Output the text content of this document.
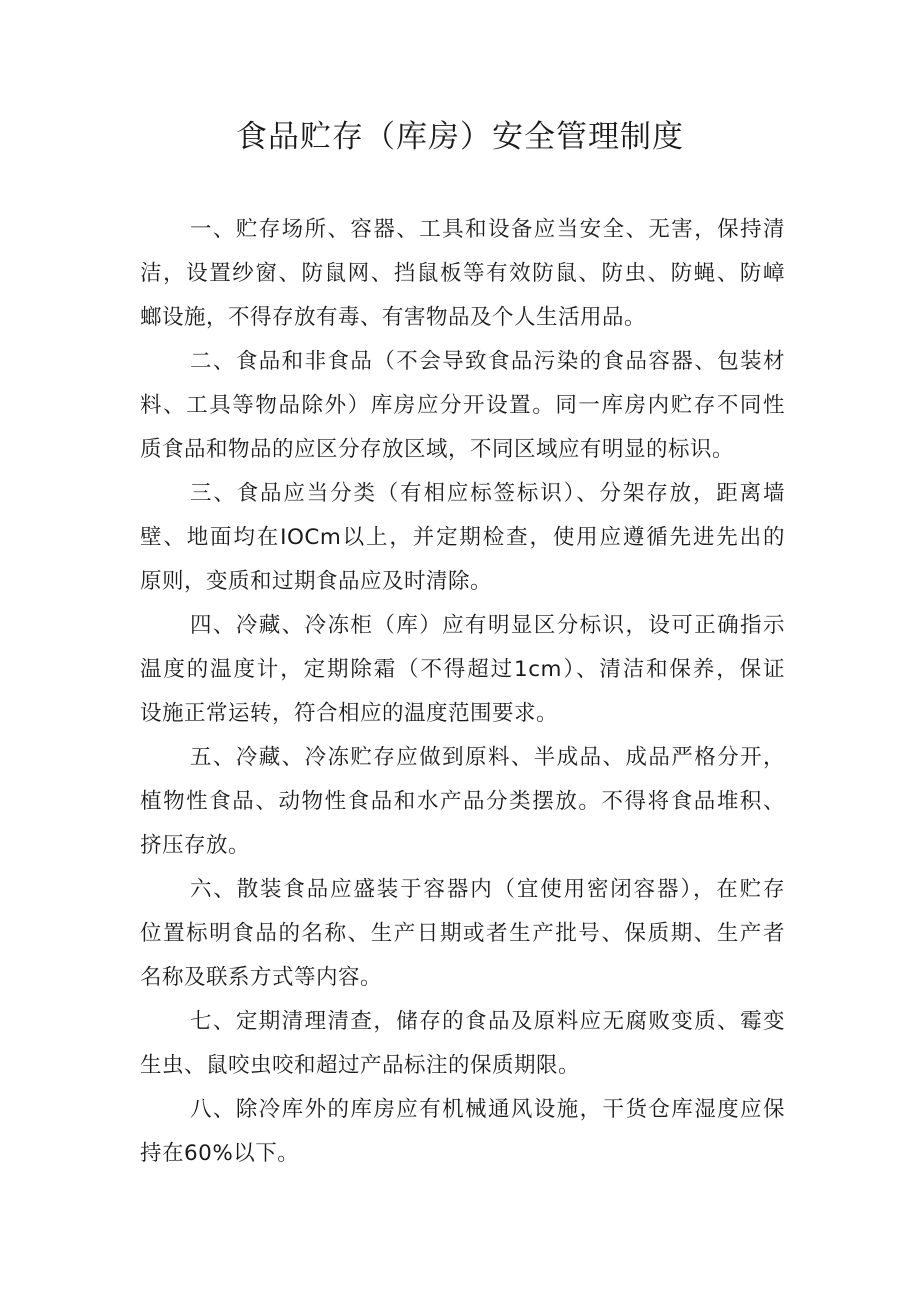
食品贮存（库房）安全管理制度
一、贮存场所、容器、工具和设备应当安全、无害，保持清
洁，设置纱窗、防鼠网、挡鼠板等有效防鼠、防虫、防蝇、防嶂
螂设施，不得存放有毒、有害物品及个人生活用品。
二、食品和非食品（不会导致食品污染的食品容器、包装材
料、工具等物品除外）库房应分开设置。同一库房内贮存不同性
质食品和物品的应区分存放区域，不同区域应有明显的标识。
三、食品应当分类（有相应标签标识）、分架存放，距离墙
壁、地面均在IOCm以上，并定期检查，使用应遵循先进先出的
原则，变质和过期食品应及时清除。
四、冷藏、冷冻柜（库）应有明显区分标识，设可正确指示
温度的温度计，定期除霜（不得超过1cm）、清洁和保养，保证
设施正常运转，符合相应的温度范围要求。
五、冷藏、冷冻贮存应做到原料、半成品、成品严格分开，
植物性食品、动物性食品和水产品分类摆放。不得将食品堆积、
挤压存放。
六、散装食品应盛装于容器内（宜使用密闭容器），在贮存
位置标明食品的名称、生产日期或者生产批号、保质期、生产者
名称及联系方式等内容。
七、定期清理清查，储存的食品及原料应无腐败变质、霉变
生虫、鼠咬虫咬和超过产品标注的保质期限。
八、除冷库外的库房应有机械通风设施，干货仓库湿度应保
持在60%以下。
